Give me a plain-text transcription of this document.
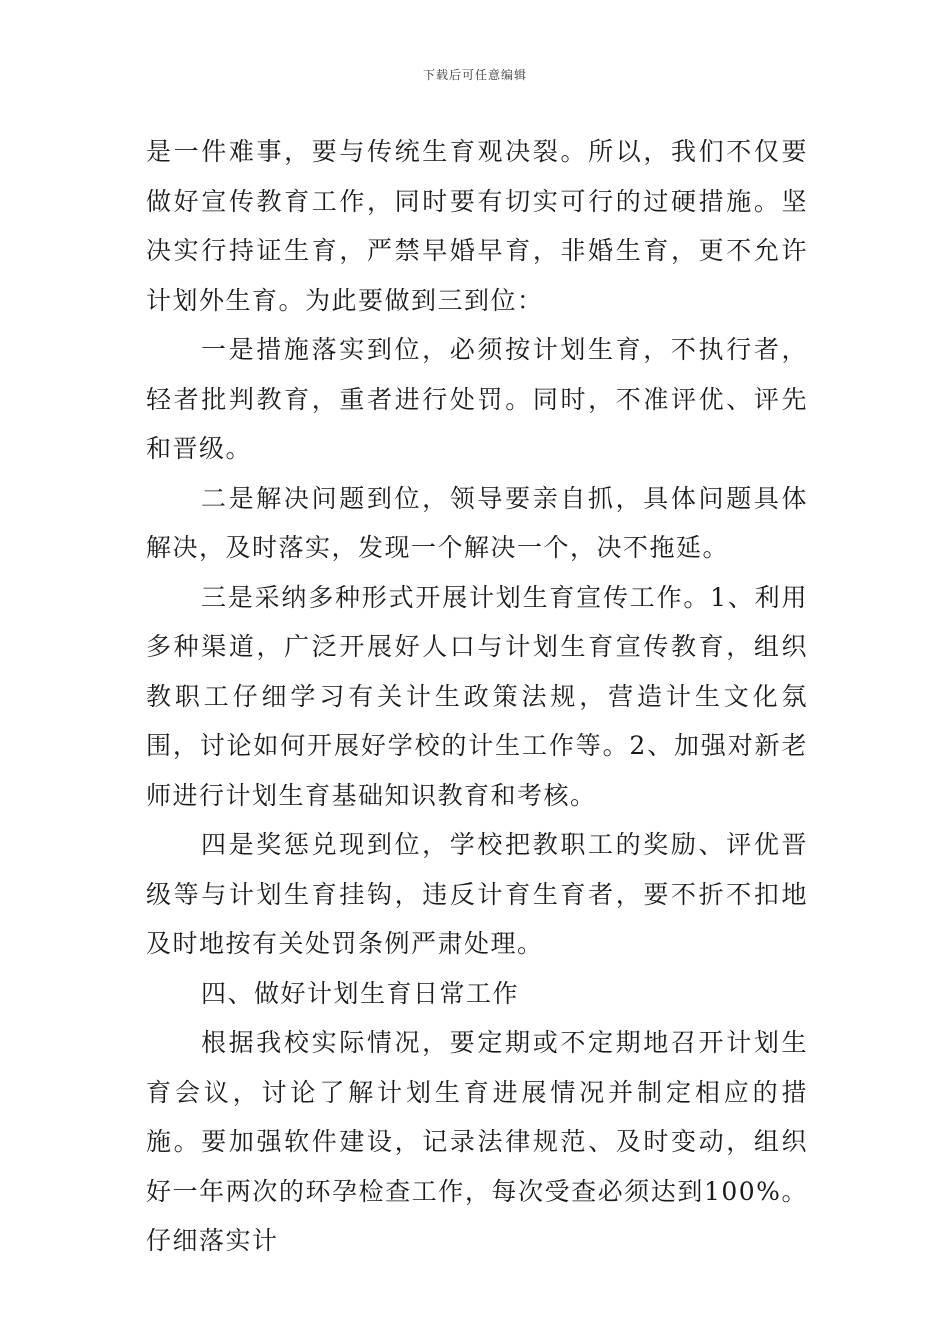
下载后可任意编辑

是一件难事，要与传统生育观决裂。所以，我们不仅要做好宣传教育工作，同时要有切实可行的过硬措施。坚决实行持证生育，严禁早婚早育，非婚生育，更不允许计划外生育。为此要做到三到位：

一是措施落实到位，必须按计划生育，不执行者，轻者批判教育，重者进行处罚。同时，不准评优、评先和晋级。

二是解决问题到位，领导要亲自抓，具体问题具体解决，及时落实，发现一个解决一个，决不拖延。

三是采纳多种形式开展计划生育宣传工作。1、利用多种渠道，广泛开展好人口与计划生育宣传教育，组织教职工仔细学习有关计生政策法规，营造计生文化氛围，讨论如何开展好学校的计生工作等。2、加强对新老师进行计划生育基础知识教育和考核。

四是奖惩兑现到位，学校把教职工的奖励、评优晋级等与计划生育挂钩，违反计育生育者，要不折不扣地及时地按有关处罚条例严肃处理。

四、做好计划生育日常工作

根据我校实际情况，要定期或不定期地召开计划生育会议，讨论了解计划生育进展情况并制定相应的措施。要加强软件建设，记录法律规范、及时变动，组织好一年两次的环孕检查工作，每次受查必须达到100%。仔细落实计
